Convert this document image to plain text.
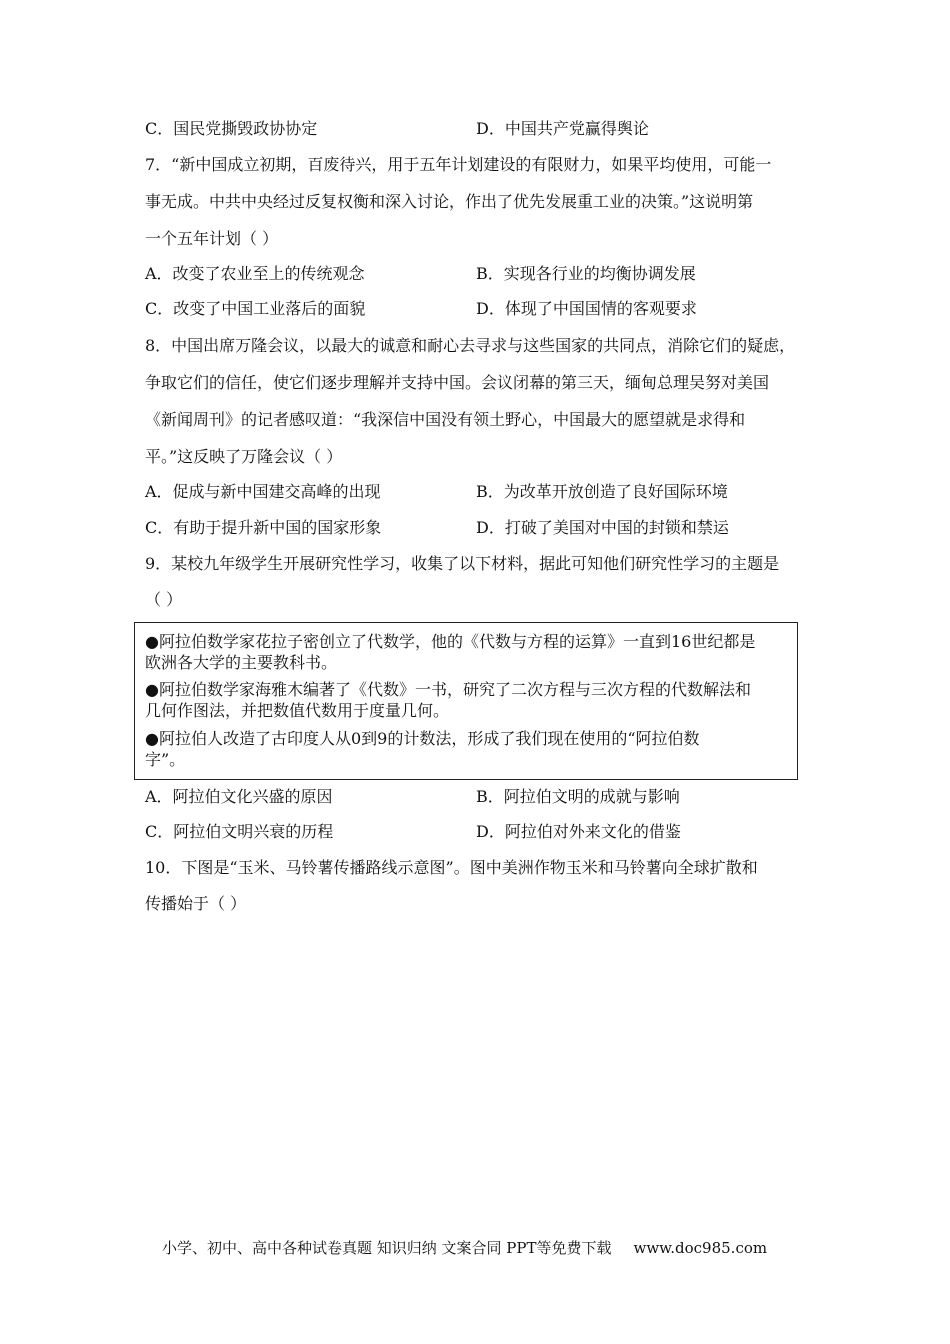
C．国民党撕毁政协协定	D．中国共产党赢得舆论
7．“新中国成立初期，百废待兴，用于五年计划建设的有限财力，如果平均使用，可能一
事无成。中共中央经过反复权衡和深入讨论，作出了优先发展重工业的决策。”这说明第
一个五年计划（ ）
A．改变了农业至上的传统观念	B．实现各行业的均衡协调发展
C．改变了中国工业落后的面貌	D．体现了中国国情的客观要求
8．中国出席万隆会议，以最大的诚意和耐心去寻求与这些国家的共同点，消除它们的疑虑，
争取它们的信任，使它们逐步理解并支持中国。会议闭幕的第三天，缅甸总理吴努对美国
《新闻周刊》的记者感叹道：“我深信中国没有领土野心，中国最大的愿望就是求得和
平。”这反映了万隆会议（ ）
A．促成与新中国建交高峰的出现	B．为改革开放创造了良好国际环境
C．有助于提升新中国的国家形象	D．打破了美国对中国的封锁和禁运
9．某校九年级学生开展研究性学习，收集了以下材料，据此可知他们研究性学习的主题是
（ ）
●阿拉伯数学家花拉子密创立了代数学，他的《代数与方程的运算》一直到16世纪都是
欧洲各大学的主要教科书。
●阿拉伯数学家海雅木编著了《代数》一书，研究了二次方程与三次方程的代数解法和
几何作图法，并把数值代数用于度量几何。
●阿拉伯人改造了古印度人从0到9的计数法，形成了我们现在使用的“阿拉伯数
字”。
A．阿拉伯文化兴盛的原因	B．阿拉伯文明的成就与影响
C．阿拉伯文明兴衰的历程	D．阿拉伯对外来文化的借鉴
10．下图是“玉米、马铃薯传播路线示意图”。图中美洲作物玉米和马铃薯向全球扩散和
传播始于（ ）
小学、初中、高中各种试卷真题 知识归纳 文案合同 PPT等免费下载 www.doc985.com
